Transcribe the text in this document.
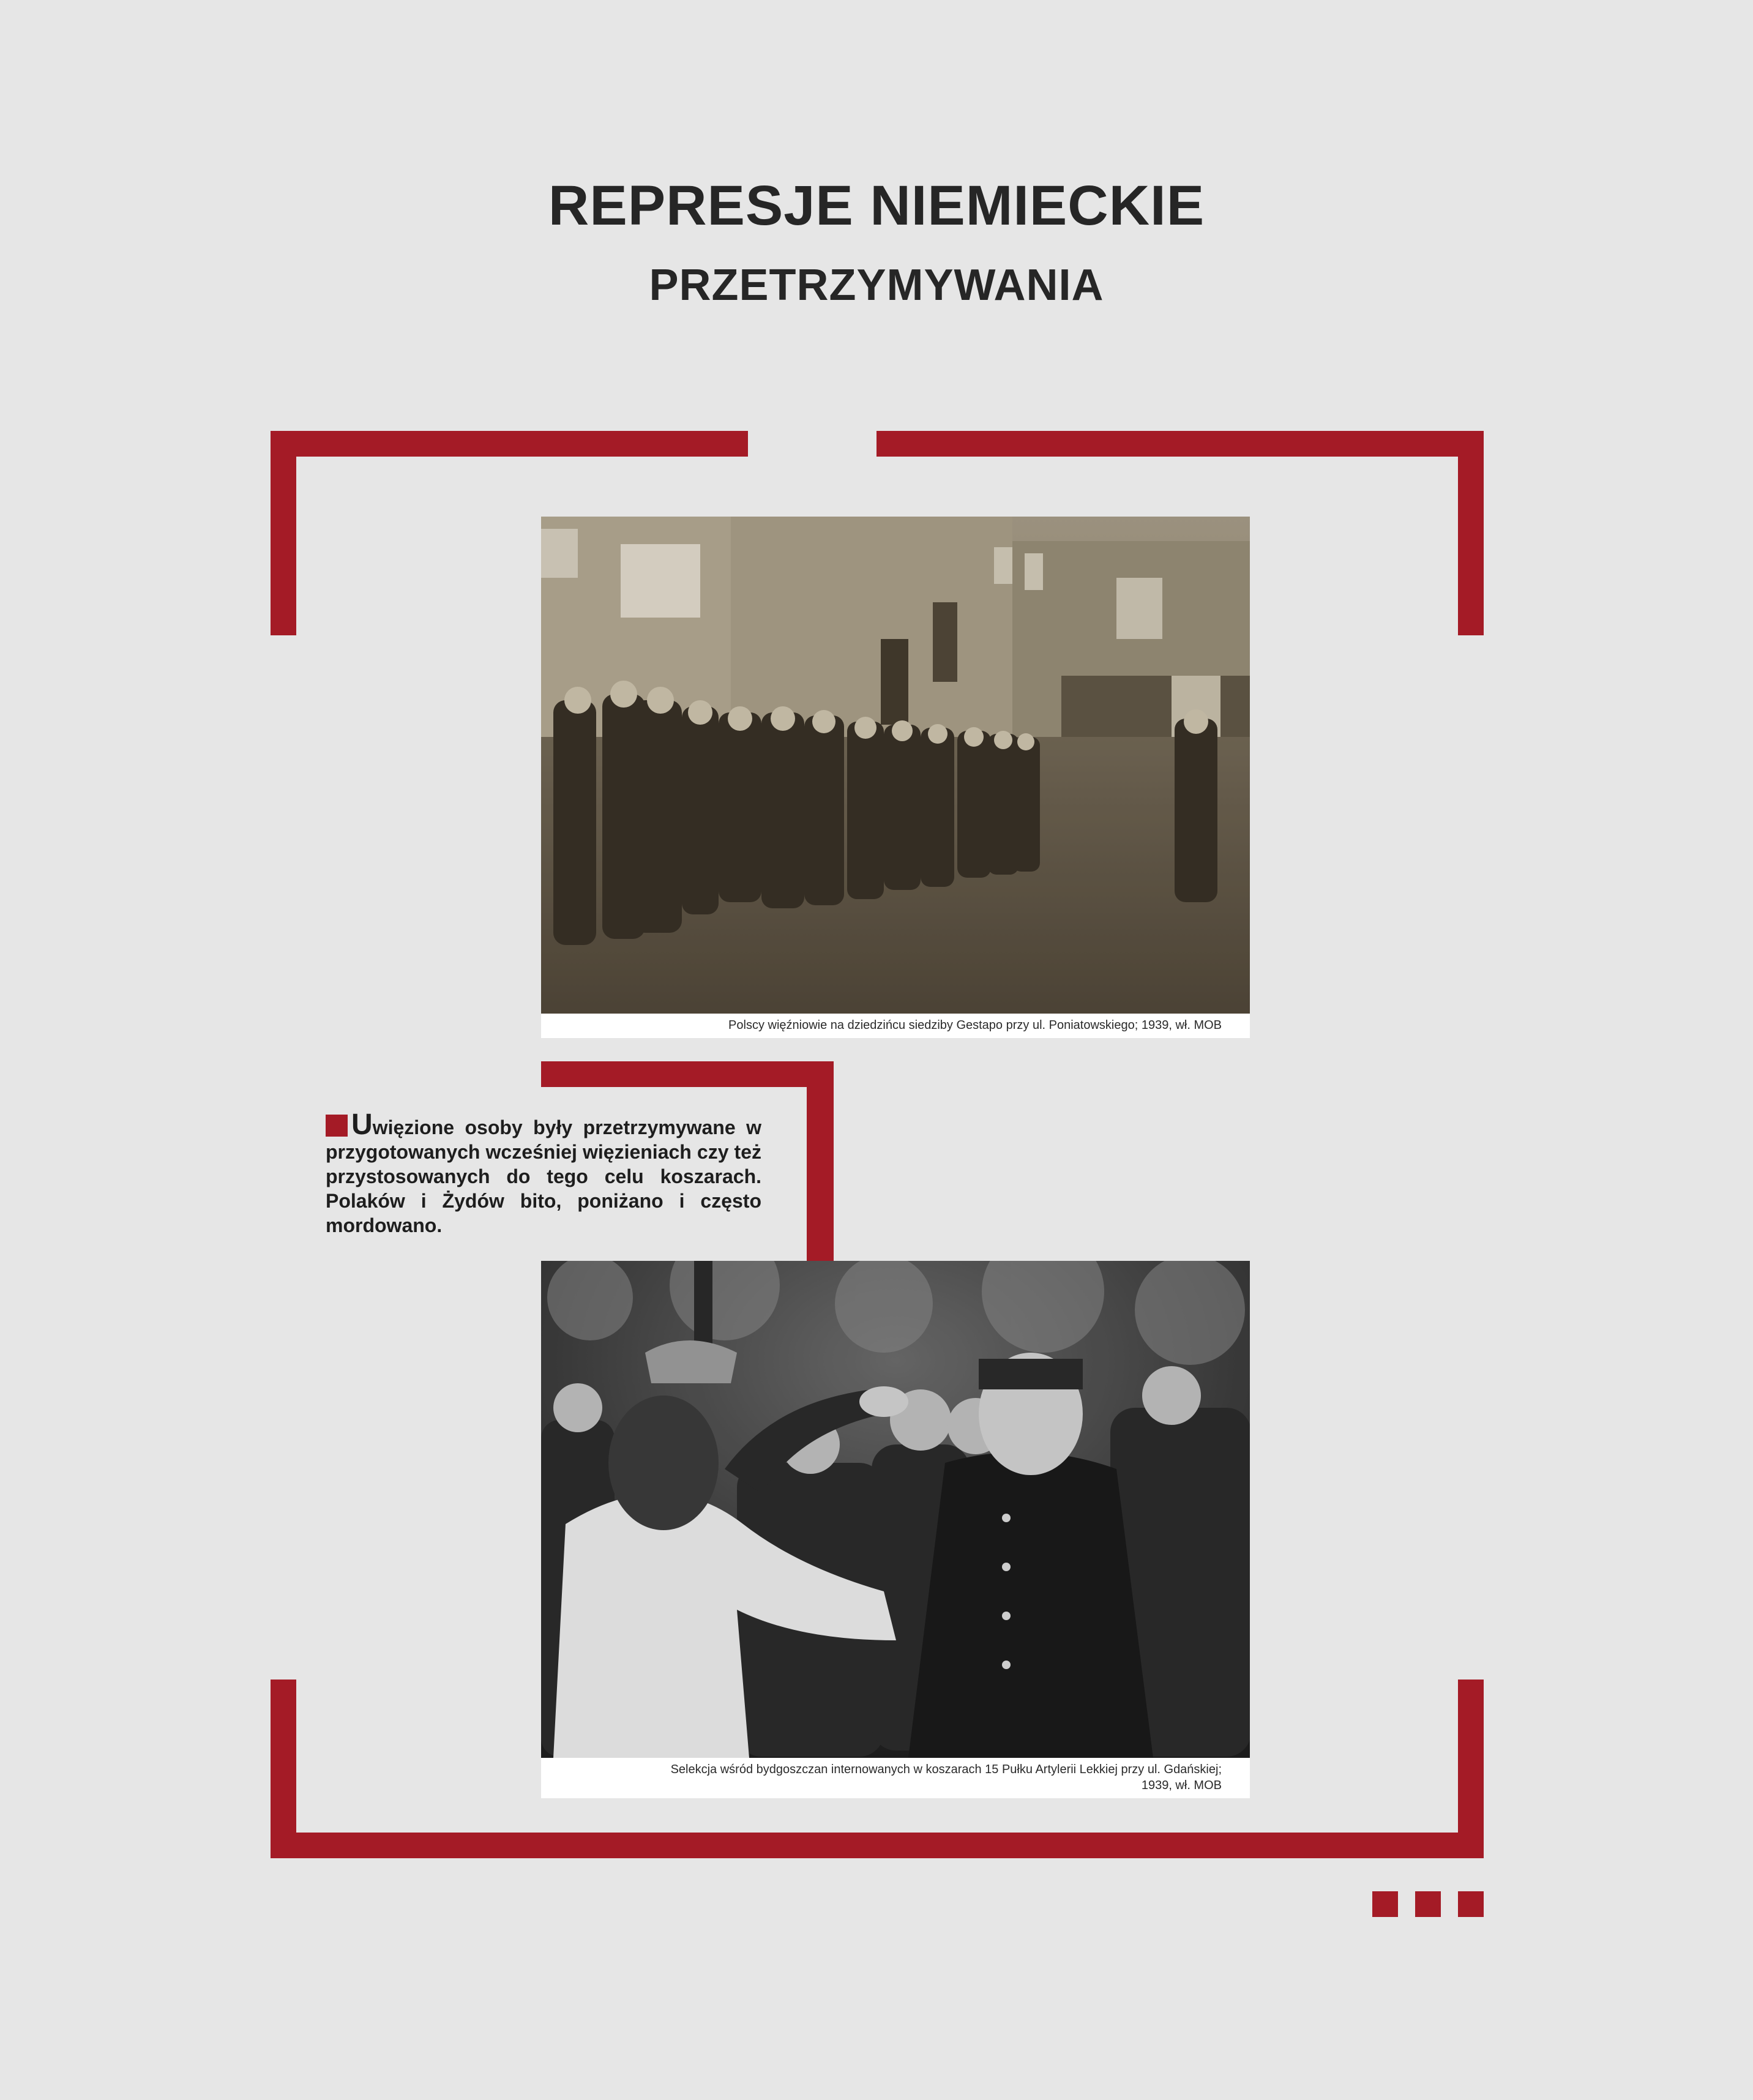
REPRESJE NIEMIECKIE
PRZETRZYMYWANIA
Polscy więźniowie na dziedzińcu siedziby Gestapo przy ul. Poniatowskiego; 1939, wł. MOB
Uwięzione osoby były przetrzymywane w przygotowanych wcześniej więzieniach czy też przystosowanych do tego celu koszarach. Polaków i Żydów bito, poniżano i często mordowano.
Selekcja wśród bydgoszczan internowanych w koszarach 15 Pułku Artylerii Lekkiej przy ul. Gdańskiej;
1939, wł. MOB
